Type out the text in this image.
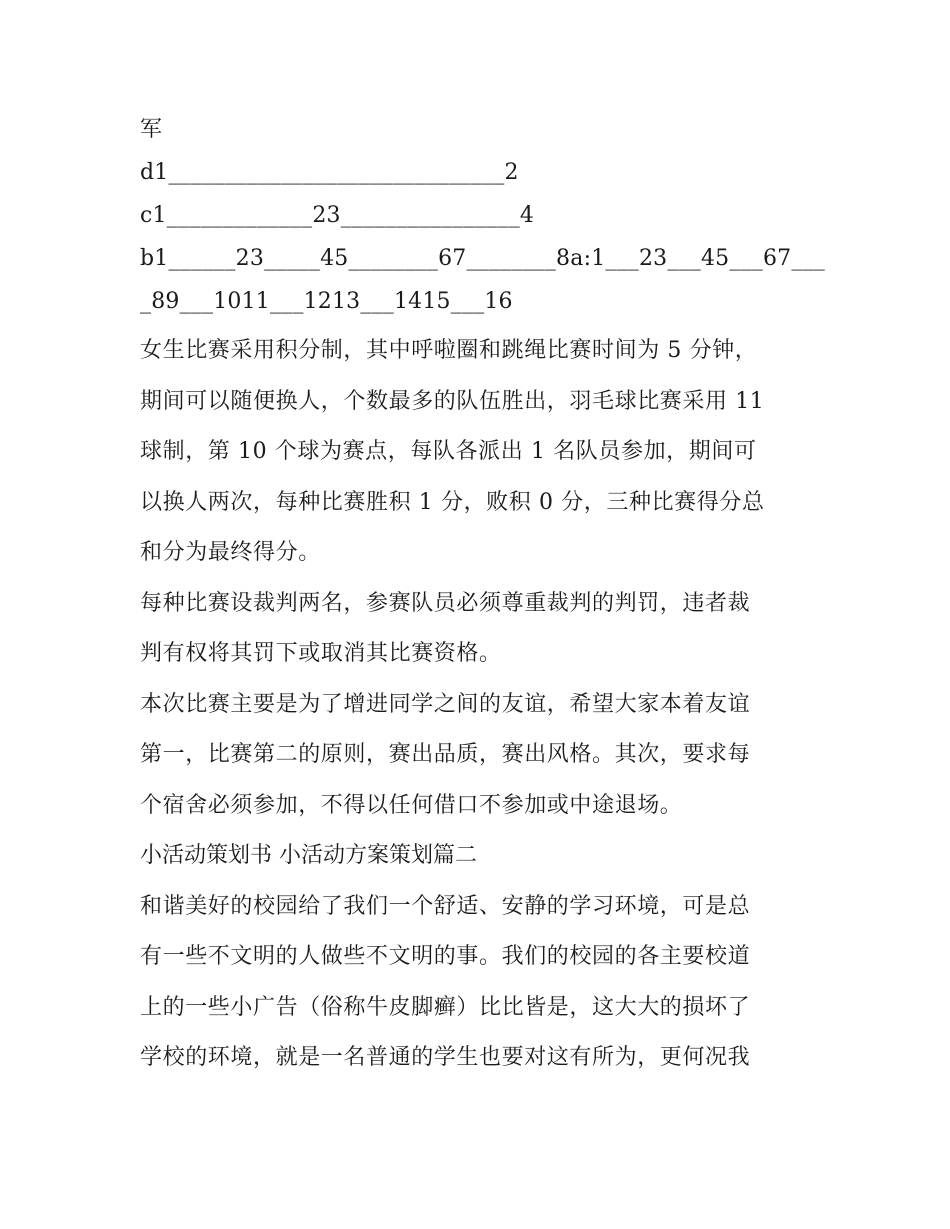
军
d1______________________________2
c1_____________23________________4
b1______23_____45________67________8a:1___23___45___67___
_89___1011___1213___1415___16

女生比赛采用积分制，其中呼啦圈和跳绳比赛时间为 5 分钟，
期间可以随便换人，个数最多的队伍胜出，羽毛球比赛采用 11
球制，第 10 个球为赛点，每队各派出 1 名队员参加，期间可
以换人两次，每种比赛胜积 1 分，败积 0 分，三种比赛得分总
和分为最终得分。

每种比赛设裁判两名，参赛队员必须尊重裁判的判罚，违者裁
判有权将其罚下或取消其比赛资格。

本次比赛主要是为了增进同学之间的友谊，希望大家本着友谊
第一，比赛第二的原则，赛出品质，赛出风格。其次，要求每
个宿舍必须参加，不得以任何借口不参加或中途退场。

小活动策划书 小活动方案策划篇二

和谐美好的校园给了我们一个舒适、安静的学习环境，可是总
有一些不文明的人做些不文明的事。我们的校园的各主要校道
上的一些小广告（俗称牛皮脚癣）比比皆是，这大大的损坏了
学校的环境，就是一名普通的学生也要对这有所为，更何况我
